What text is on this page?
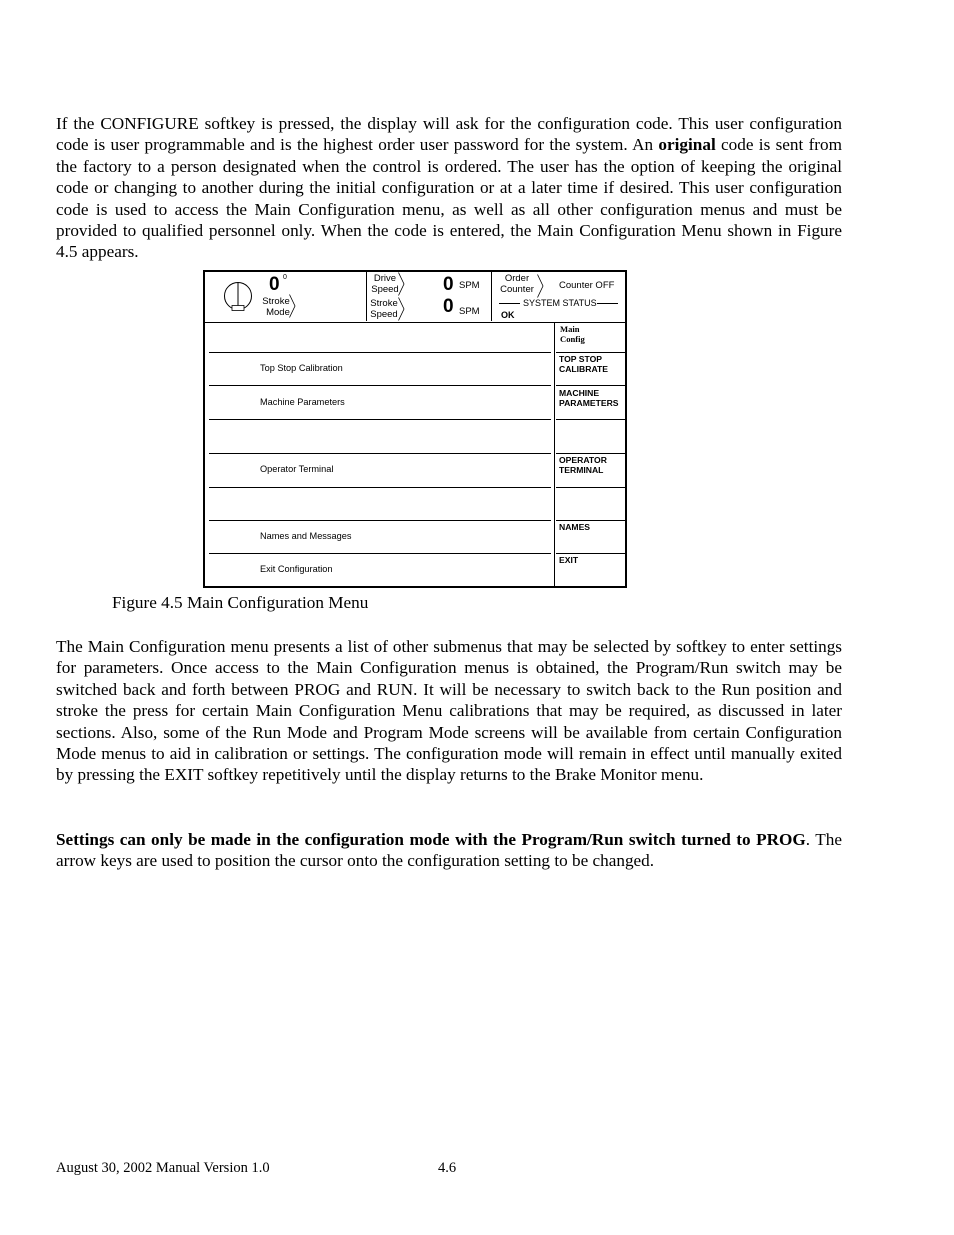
If the CONFIGURE softkey is pressed, the display will ask for the configuration code. This user configuration code is user programmable and is the highest order user password for the system. An original code is sent from the factory to a person designated when the control is ordered. The user has the option of keeping the original code or changing to another during the initial configuration or at a later time if desired. This user configuration code is used to access the Main Configuration menu, as well as all other configuration menus and must be provided to qualified personnel only. When the code is entered, the Main Configuration Menu shown in Figure 4.5 appears.

0 0
Stroke
Mode
Drive
Speed 0 SPM
Stroke
Speed 0 SPM
Order
Counter	Counter OFF
SYSTEM STATUS
OK
Main
Config
Top Stop Calibration
Machine Parameters
Operator Terminal
Names and Messages
Exit Configuration
TOP STOP
CALIBRATE
MACHINE
PARAMETERS
OPERATOR
TERMINAL
NAMES
EXIT
Figure 4.5 Main Configuration Menu

The Main Configuration menu presents a list of other submenus that may be selected by softkey to enter settings for parameters. Once access to the Main Configuration menus is obtained, the Program/Run switch may be switched back and forth between PROG and RUN. It will be necessary to switch back to the Run position and stroke the press for certain Main Configuration Menu calibrations that may be required, as discussed in later sections. Also, some of the Run Mode and Program Mode screens will be available from certain Configuration Mode menus to aid in calibration or settings. The configuration mode will remain in effect until manually exited by pressing the EXIT softkey repetitively until the display returns to the Brake Monitor menu.

Settings can only be made in the configuration mode with the Program/Run switch turned to PROG. The arrow keys are used to position the cursor onto the configuration setting to be changed.

August 30, 2002 Manual Version 1.0	4.6
